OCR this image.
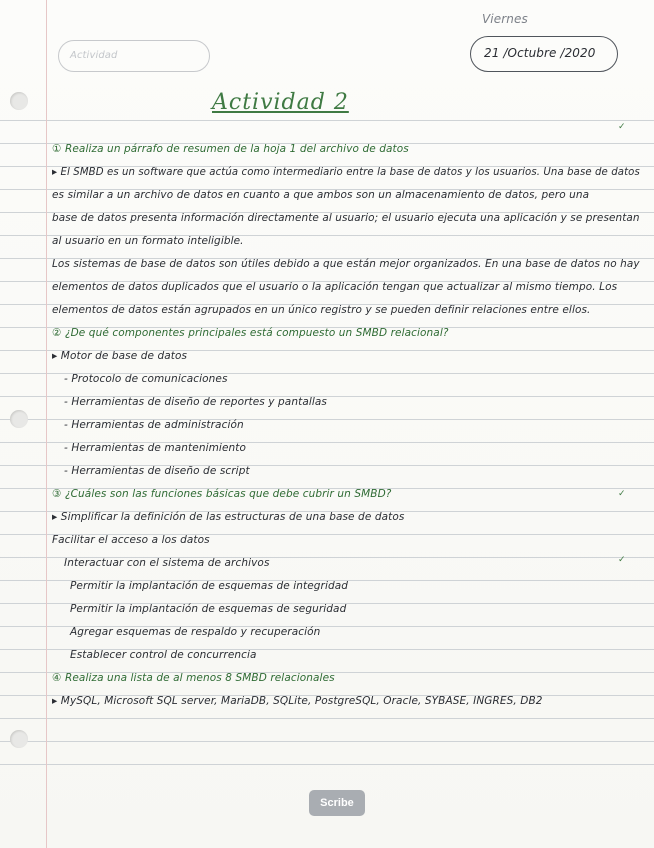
Actividad
Viernes
21 /Octubre /2020
Actividad 2
① Realiza un párrafo de resumen de la hoja 1 del archivo de datos
▸ El SMBD es un software que actúa como intermediario entre la base de datos y los usuarios. Una base de datos
es similar a un archivo de datos en cuanto a que ambos son un almacenamiento de datos, pero una
base de datos presenta información directamente al usuario; el usuario ejecuta una aplicación y se presentan
al usuario en un formato inteligible.
Los sistemas de base de datos son útiles debido a que están mejor organizados. En una base de datos no hay
elementos de datos duplicados que el usuario o la aplicación tengan que actualizar al mismo tiempo. Los
elementos de datos están agrupados en un único registro y se pueden definir relaciones entre ellos.
② ¿De qué componentes principales está compuesto un SMBD relacional?
▸ Motor de base de datos
- Protocolo de comunicaciones
- Herramientas de diseño de reportes y pantallas
- Herramientas de administración
- Herramientas de mantenimiento
- Herramientas de diseño de script
③ ¿Cuáles son las funciones básicas que debe cubrir un SMBD?
▸ Simplificar la definición de las estructuras de una base de datos
Facilitar el acceso a los datos
Interactuar con el sistema de archivos
Permitir la implantación de esquemas de integridad
Permitir la implantación de esquemas de seguridad
Agregar esquemas de respaldo y recuperación
Establecer control de concurrencia
④ Realiza una lista de al menos 8 SMBD relacionales
▸ MySQL, Microsoft SQL server, MariaDB, SQLite, PostgreSQL, Oracle, SYBASE, INGRES, DB2
✓
✓
✓
Scribe
